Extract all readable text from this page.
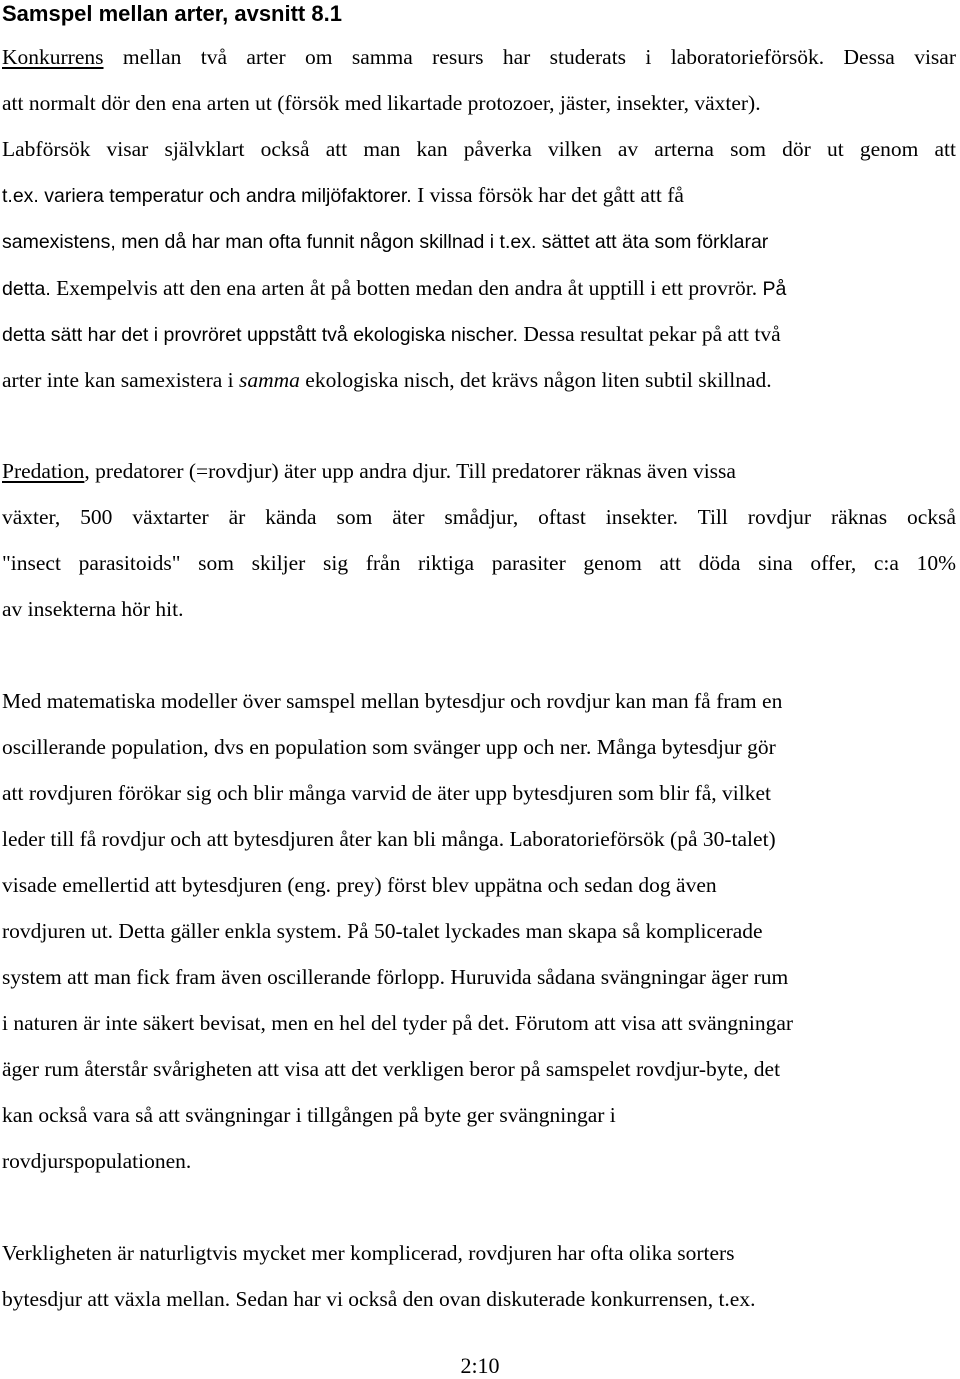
Samspel mellan arter, avsnitt 8.1
Konkurrens mellan två arter om samma resurs har studerats i laboratorieförsök. Dessa visar
att normalt dör den ena arten ut (försök med likartade protozoer, jäster, insekter, växter).
Labförsök visar självklart också att man kan påverka vilken av arterna som dör ut genom att
t.ex. variera temperatur och andra miljöfaktorer. I vissa försök har det gått att få
samexistens, men då har man ofta funnit någon skillnad i t.ex. sättet att äta som förklarar
detta. Exempelvis att den ena arten åt på botten medan den andra åt upptill i ett provrör. På
detta sätt har det i provröret uppstått två ekologiska nischer. Dessa resultat pekar på att två
arter inte kan samexistera i samma ekologiska nisch, det krävs någon liten subtil skillnad.
Predation, predatorer (=rovdjur) äter upp andra djur. Till predatorer räknas även vissa
växter, 500 växtarter är kända som äter smådjur, oftast insekter. Till rovdjur räknas också
"insect parasitoids" som skiljer sig från riktiga parasiter genom att döda sina offer, c:a 10%
av insekterna hör hit.
Med matematiska modeller över samspel mellan bytesdjur och rovdjur kan man få fram en
oscillerande population, dvs en population som svänger upp och ner. Många bytesdjur gör
att rovdjuren förökar sig och blir många varvid de äter upp bytesdjuren som blir få, vilket
leder till få rovdjur och att bytesdjuren åter kan bli många. Laboratorieförsök (på 30-talet)
visade emellertid att bytesdjuren (eng. prey) först blev uppätna och sedan dog även
rovdjuren ut. Detta gäller enkla system. På 50-talet lyckades man skapa så komplicerade
system att man fick fram även oscillerande förlopp. Huruvida sådana svängningar äger rum
i naturen är inte säkert bevisat, men en hel del tyder på det. Förutom att visa att svängningar
äger rum återstår svårigheten att visa att det verkligen beror på samspelet rovdjur-byte, det
kan också vara så att svängningar i tillgången på byte ger svängningar i
rovdjurspopulationen.
Verkligheten är naturligtvis mycket mer komplicerad, rovdjuren har ofta olika sorters
bytesdjur att växla mellan. Sedan har vi också den ovan diskuterade konkurrensen, t.ex.
2:10
